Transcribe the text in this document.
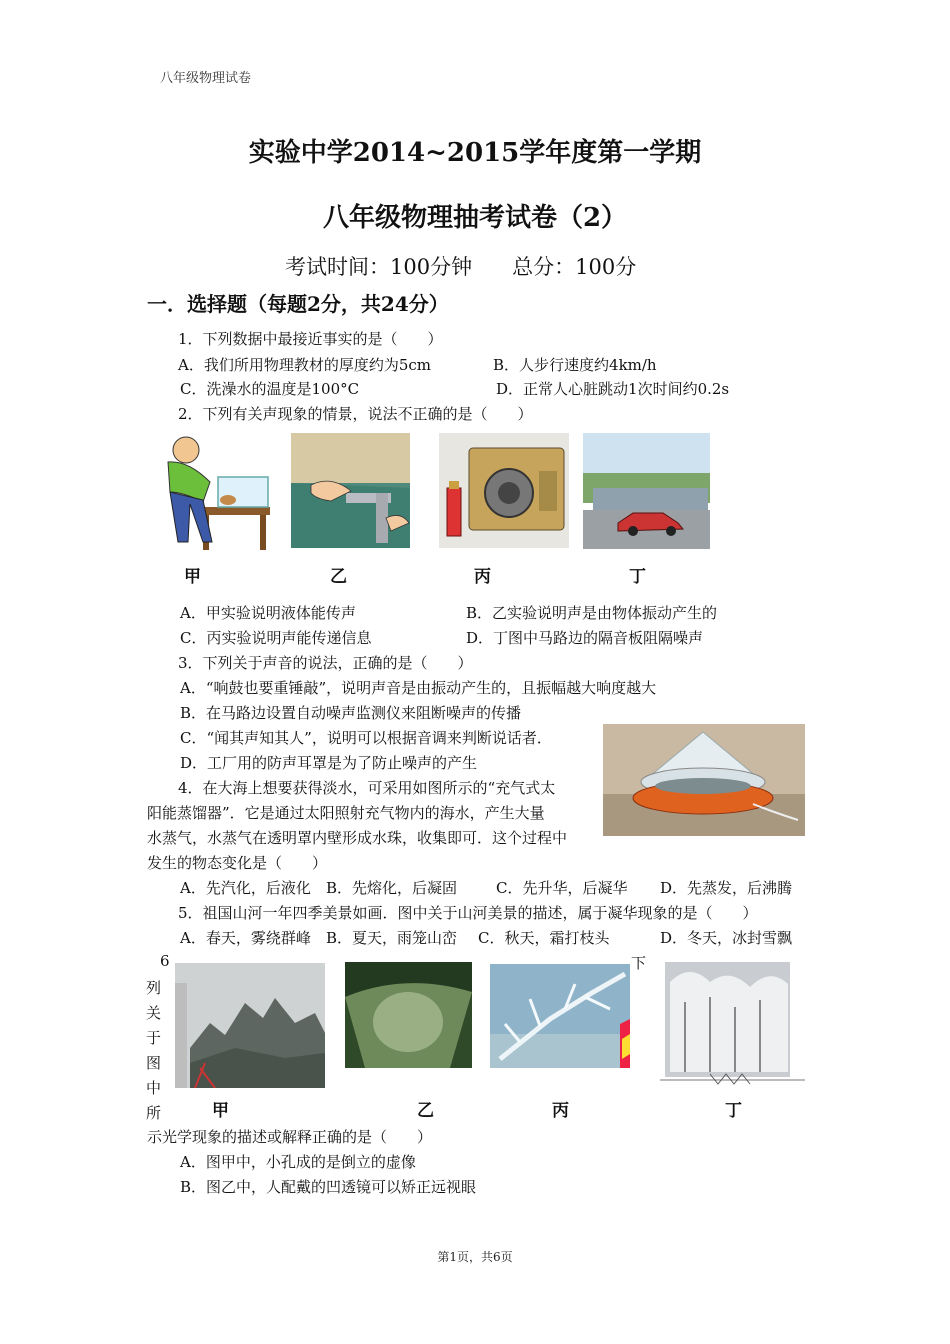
八年级物理试卷
实验中学2014~2015学年度第一学期
八年级物理抽考试卷（2）
考试时间：100分钟      总分：100分
一．选择题（每题2分，共24分）
1．下列数据中最接近事实的是（　　）
A．我们所用物理教材的厚度约为5cm	B．人步行速度约4km/h
C．洗澡水的温度是100°C	D．正常人心脏跳动1次时间约0.2s
2．下列有关声现象的情景，说法不正确的是（　　）
甲	乙	丙	丁
A．甲实验说明液体能传声	B．乙实验说明声是由物体振动产生的
C．丙实验说明声能传递信息	D．丁图中马路边的隔音板阻隔噪声
3．下列关于声音的说法，正确的是（　　）
A．“响鼓也要重锤敲”，说明声音是由振动产生的，且振幅越大响度越大
B．在马路边设置自动噪声监测仪来阻断噪声的传播
C．“闻其声知其人”，说明可以根据音调来判断说话者．
D．工厂用的防声耳罩是为了防止噪声的产生
4．在大海上想要获得淡水，可采用如图所示的“充气式太
阳能蒸馏器”．它是通过太阳照射充气物内的海水，产生大量
水蒸气，水蒸气在透明罩内壁形成水珠，收集即可．这个过程中
发生的物态变化是（　　）
A．先汽化，后液化 B．先熔化，后凝固	C．先升华，后凝华 D．先蒸发，后沸腾
5．祖国山河一年四季美景如画．图中关于山河美景的描述，属于凝华现象的是（　　）
A．春天，雾绕群峰 B．夏天，雨笼山峦 C．秋天，霜打枝头	D．冬天，冰封雪飘
6	下
列
关
于
图
中
所	甲	乙	丙	丁
示光学现象的描述或解释正确的是（　　）
A．图甲中，小孔成的是倒立的虚像
B．图乙中，人配戴的凹透镜可以矫正远视眼
第1页，共6页
